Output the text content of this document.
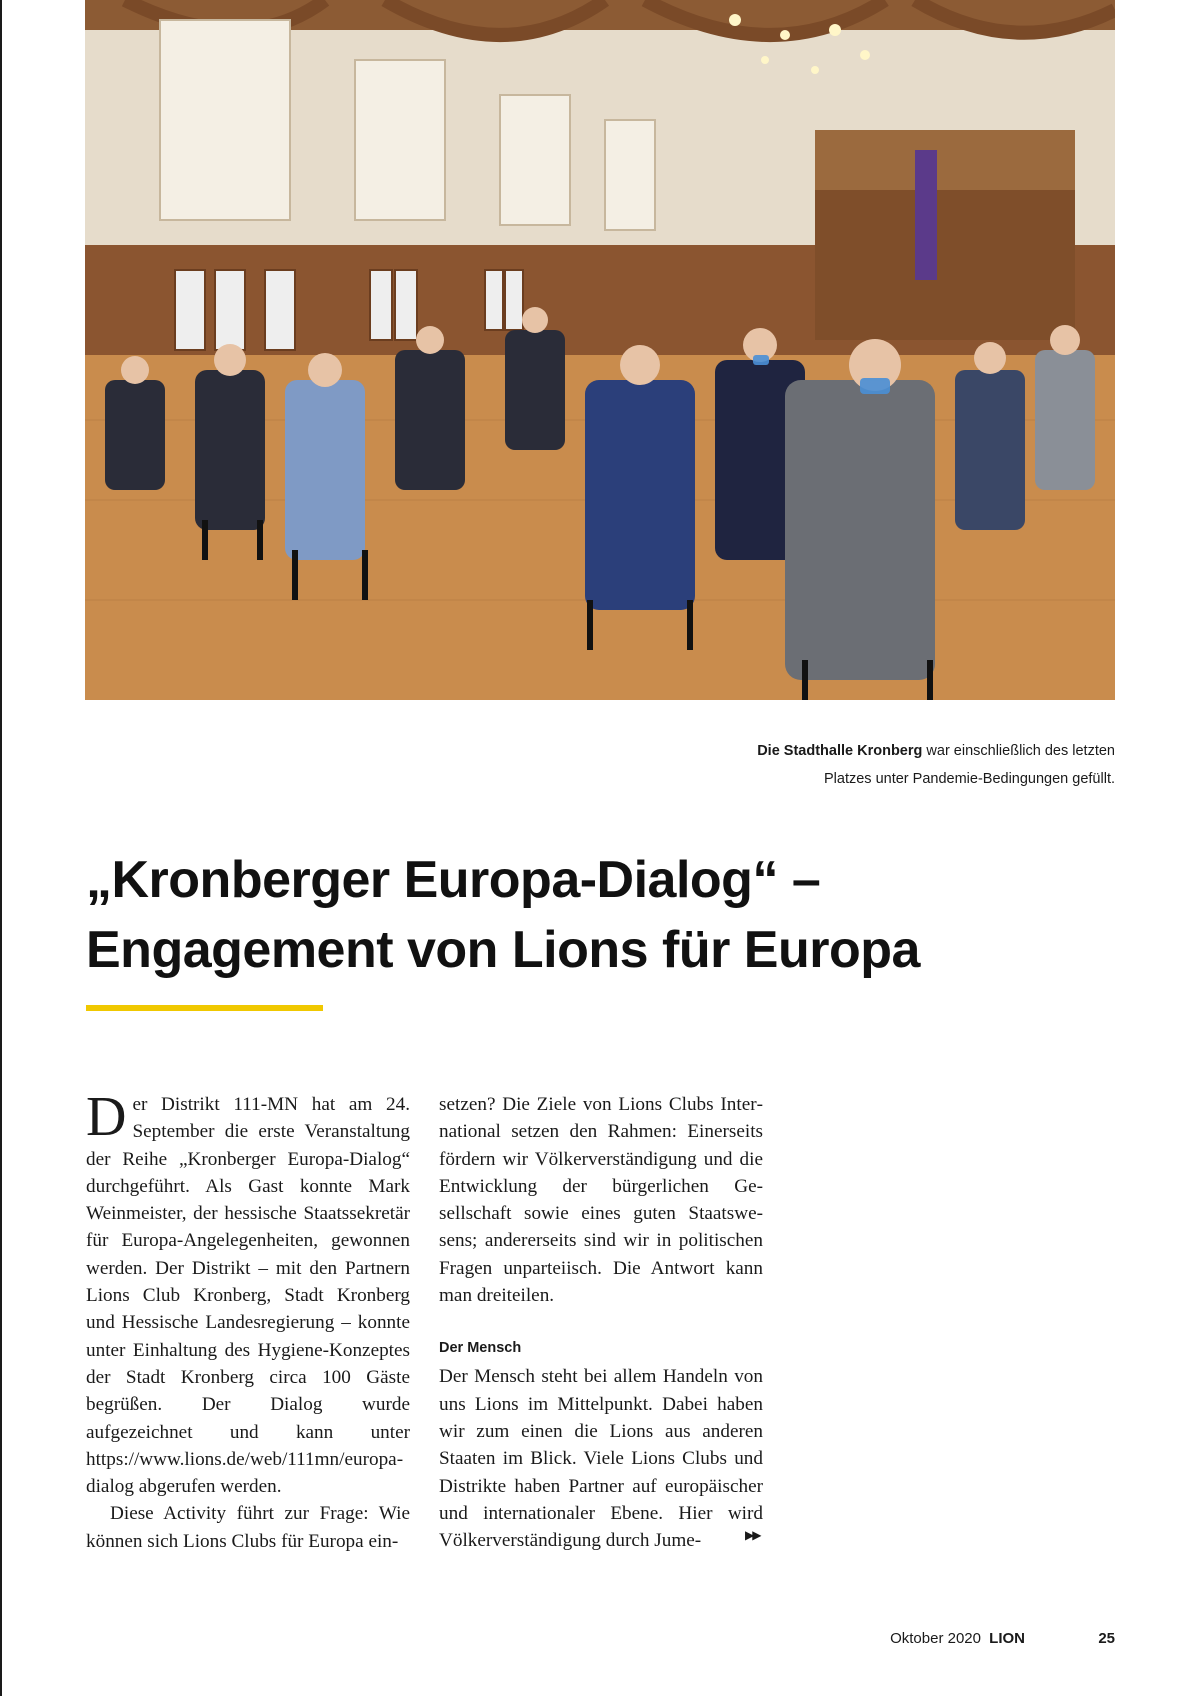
Die Stadthalle Kronberg war einschließlich des letzten
Platzes unter Pandemie-Bedingungen gefüllt.
„Kronberger Europa-Dialog“ –
Engagement von Lions für Europa

Der Distrikt 111-MN hat am 24. September die erste Veranstaltung der Reihe „Kronberger Europa-Dialog“ durchgeführt. Als Gast konnte Mark Weinmeister, der hessische Staatssekretär für Europa-Angelegenheiten, gewonnen werden. Der Distrikt – mit den Partnern Lions Club Kronberg, Stadt Kronberg und Hessische Landesregierung – konnte unter Einhaltung des Hygiene-Konzeptes der Stadt Kronberg circa 100 Gäste begrüßen. Der Dialog wurde aufgezeichnet und kann unter https://www.lions.de/web/111mn/europadialog abgerufen werden.

Diese Activity führt zur Frage: Wie können sich Lions Clubs für Europa ein-

setzen? Die Ziele von Lions Clubs International setzen den Rahmen: Einerseits fördern wir Völkerverständigung und die Entwicklung der bürgerlichen Gesellschaft sowie eines guten Staatswesens; andererseits sind wir in politischen Fragen unparteiisch. Die Antwort kann man dreiteilen.

Der Mensch

Der Mensch steht bei allem Handeln von uns Lions im Mittelpunkt. Dabei haben wir zum einen die Lions aus anderen Staaten im Blick. Viele Lions Clubs und Distrikte haben Partner auf europäischer und internationaler Ebene. Hier wird Völkerverständigung durch Jume-	▶▶
Oktober 2020 LION	25
